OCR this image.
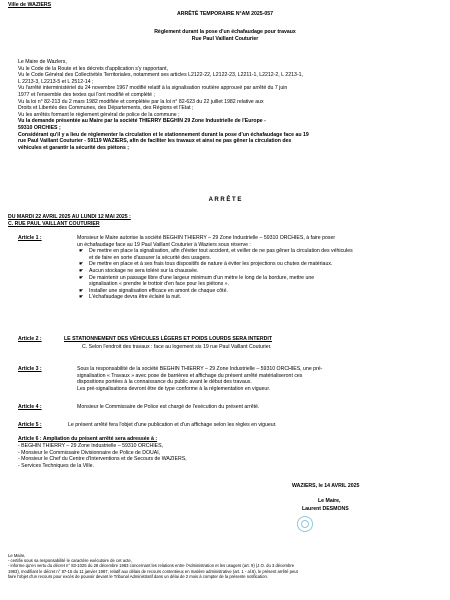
Ville de WAZIERS
ARRÊTÉ TEMPORAIRE N°AM 2025-057
Règlement durant la pose d'un échafaudage pour travaux
Rue Paul Vaillant Couturier
Le Maire de Wazlers,
Vu le Code de la Route et les décrets d'application s'y rapportant,
Vu le Code Général des Collectivités Territoriales, notamment ses articles L2122-22, L2122-23, L2211-1, L2212-2, L 2213-1,
L 2213-3, L2213-5 et L 2512-14 ;
Vu l'arrêté interministériel du 24 novembre 1967 modifié relatif à la signalisation routière approuvé par arrêté du 7 juin
1977 et l'ensemble des textes qui l'ont modifié et complété ;
Vu la loi n° 82-213 du 2 mars 1982 modifiée et complétée par la loi n° 82-623 du 22 juillet 1982 relative aux
Droits et Libertés des Communes, des Départements, des Régions et l'Etat ;
Vu les arrêtés formant le règlement général de police de la commune ;
Vu la demande présentée au Maire par la société THIERRY BEGHIN 29 Zone Industrielle de l'Europe -
59310 ORCHIES ;
Considérant qu'il y a lieu de réglementer la circulation et le stationnement durant la pose d'un échafaudage face au 19
rue Paul Vaillant Couturier - 59119 WAZIERS, afin de faciliter les travaux et ainsi ne pas gêner la circulation des
véhicules et garantir la sécurité des piétons ;
A R R Ê T E
DU MARDI 22 AVRIL 2025 AU LUNDI 12 MAI 2025 :
C. RUE PAUL VAILLANT COUTURIER
Article 1 :	Monsieur le Maire autorise la société BEGHIN THIERRY – 29 Zone Industrielle – 59310 ORCHIES, à faire poser
un échafaudage face au 19 Paul Vaillant Couturier à Waziers sous réserve :
☛ De mettre en place la signalisation, afin d'éviter tout accident, et veiller de ne pas gêner la circulation des véhicules
et de faire en sorte d'assurer la sécurité des usagers.
☛ De mettre en place et à ses frais tous dispositifs de nature à éviter les projections ou chutes de matériaux.
☛ Aucun stockage ne sera toléré sur la chaussée.
☛ De maintenir un passage libre d'une largeur minimum d'un mètre le long de la bordure, mettre une
signalisation « prendre le trottoir d'en face pour les piétons ».
☛ Installer une signalisation efficace en amont de chaque côté.
☛ L'échafaudage devra être éclairé la nuit.
Article 2 :	LE STATIONNEMENT DES VÉHICULES LÉGERS ET POIDS LOURDS SERA INTERDIT
C. Selon l'endroit des travaux : face au logement sis 19 rue Paul Vaillant Couturier.
Article 3 :	Sous la responsabilité de la société BEGHIN THIERRY – 29 Zone Industrielle – 59310 ORCHIES, une pré-
signalisation « Travaux » avec pose de barrières et affichage du présent arrêté matérialiseront ces
dispositions portées à la connaissance du public avant le début des travaux.
Les pré-signalisations devront être de type conforme à la réglementation en vigueur.
Article 4 :	Monsieur le Commissaire de Police est chargé de l'exécution du présent arrêté.
Article 5 :	Le présent arrêté fera l'objet d'une publication et d'un affichage selon les règles en vigueur.
Article 6 : Ampliation du présent arrêté sera adressée à :
- BEGHIN THIERRY – 29 Zone Industrielle – 59310 ORCHIES,
- Monsieur le Commissaire Divisionnaire de Police de DOUAI,
- Monsieur le Chef du Centre d'Interventions et de Secours de WAZIERS,
- Services Techniques de la Ville.
WAZIERS, le 14 AVRIL 2025
Le Maire,
Laurent DESMONS
Le Maire,
- certifie sous sa responsabilité le caractère exécutoire de cet acte,
- informe qu'en vertu du décret n° 83-1025 du 28 décembre 1983 concernant les relations entre l'Administration et les usagers (art. 9) (J.O. du 3 décembre
1983), modifiant le décret n° 87-15 du 11 janvier 1987, relatif aux délais de recours contentieux en matière administrative (art. 1 - al.6), le présent arrêté peut
faire l'objet d'un recours pour excès de pouvoir devant le Tribunal Administratif dans un délai de 2 mois à compter de la présente notification.
